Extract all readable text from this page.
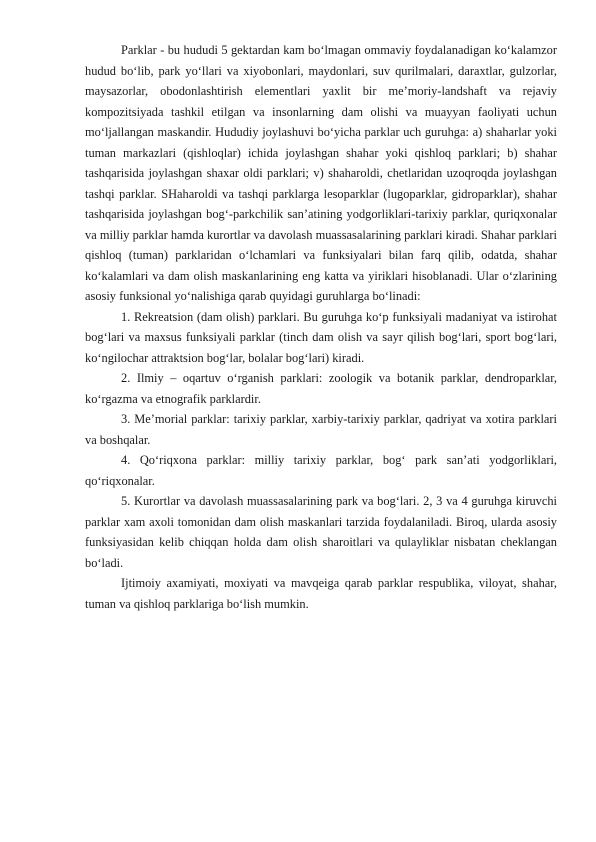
Parklar - bu hududi 5 gektardan kam bo‘lmagan ommaviy foydalanadigan ko‘kalamzor hudud bo‘lib, park yo‘llari va xiyobonlari, maydonlari, suv qurilmalari, daraxtlar, gulzorlar, maysazorlar, obodonlashtirish elementlari yaxlit bir me’moriy-landshaft va rejaviy kompozitsiyada tashkil etilgan va insonlarning dam olishi va muayyan faoliyati uchun mo‘ljallangan maskandir. Hududiy joylashuvi bo‘yicha parklar uch guruhga: a) shaharlar yoki tuman markazlari (qishloqlar) ichida joylashgan shahar yoki qishloq parklari; b) shahar tashqarisida joylashgan shaxar oldi parklari; v) shaharoldi, chetlaridan uzoqroqda joylashgan tashqi parklar. SHaharoldi va tashqi parklarga lesoparklar (lugoparklar, gidroparklar), shahar tashqarisida joylashgan bog‘-parkchilik san’atining yodgorliklari-tarixiy parklar, quriqxonalar va milliy parklar hamda kurortlar va davolash muassasalarining parklari kiradi. Shahar parklari qishloq (tuman) parklaridan o‘lchamlari va funksiyalari bilan farq qilib, odatda, shahar ko‘kalamlari va dam olish maskanlarining eng katta va yiriklari hisoblanadi. Ular o‘zlarining asosiy funksional yo‘nalishiga qarab quyidagi guruhlarga bo‘linadi:

1. Rekreatsion (dam olish) parklari. Bu guruhga ko‘p funksiyali madaniyat va istirohat bog‘lari va maxsus funksiyali parklar (tinch dam olish va sayr qilish bog‘lari, sport bog‘lari, ko‘ngilochar attraktsion bog‘lar, bolalar bog‘lari) kiradi.

2. Ilmiy – oqartuv o‘rganish parklari: zoologik va botanik parklar, dendroparklar, ko‘rgazma va etnografik parklardir.

3. Me’morial parklar: tarixiy parklar, xarbiy-tarixiy parklar, qadriyat va xotira parklari va boshqalar.

4. Qo‘riqxona parklar: milliy tarixiy parklar, bog‘ park san’ati yodgorliklari, qo‘riqxonalar.

5. Kurortlar va davolash muassasalarining park va bog‘lari. 2, 3 va 4 guruhga kiruvchi parklar xam axoli tomonidan dam olish maskanlari tarzida foydalaniladi. Biroq, ularda asosiy funksiyasidan kelib chiqqan holda dam olish sharoitlari va qulayliklar nisbatan cheklangan bo‘ladi.

Ijtimoiy axamiyati, moxiyati va mavqeiga qarab parklar respublika, viloyat, shahar, tuman va qishloq parklariga bo‘lish mumkin.
